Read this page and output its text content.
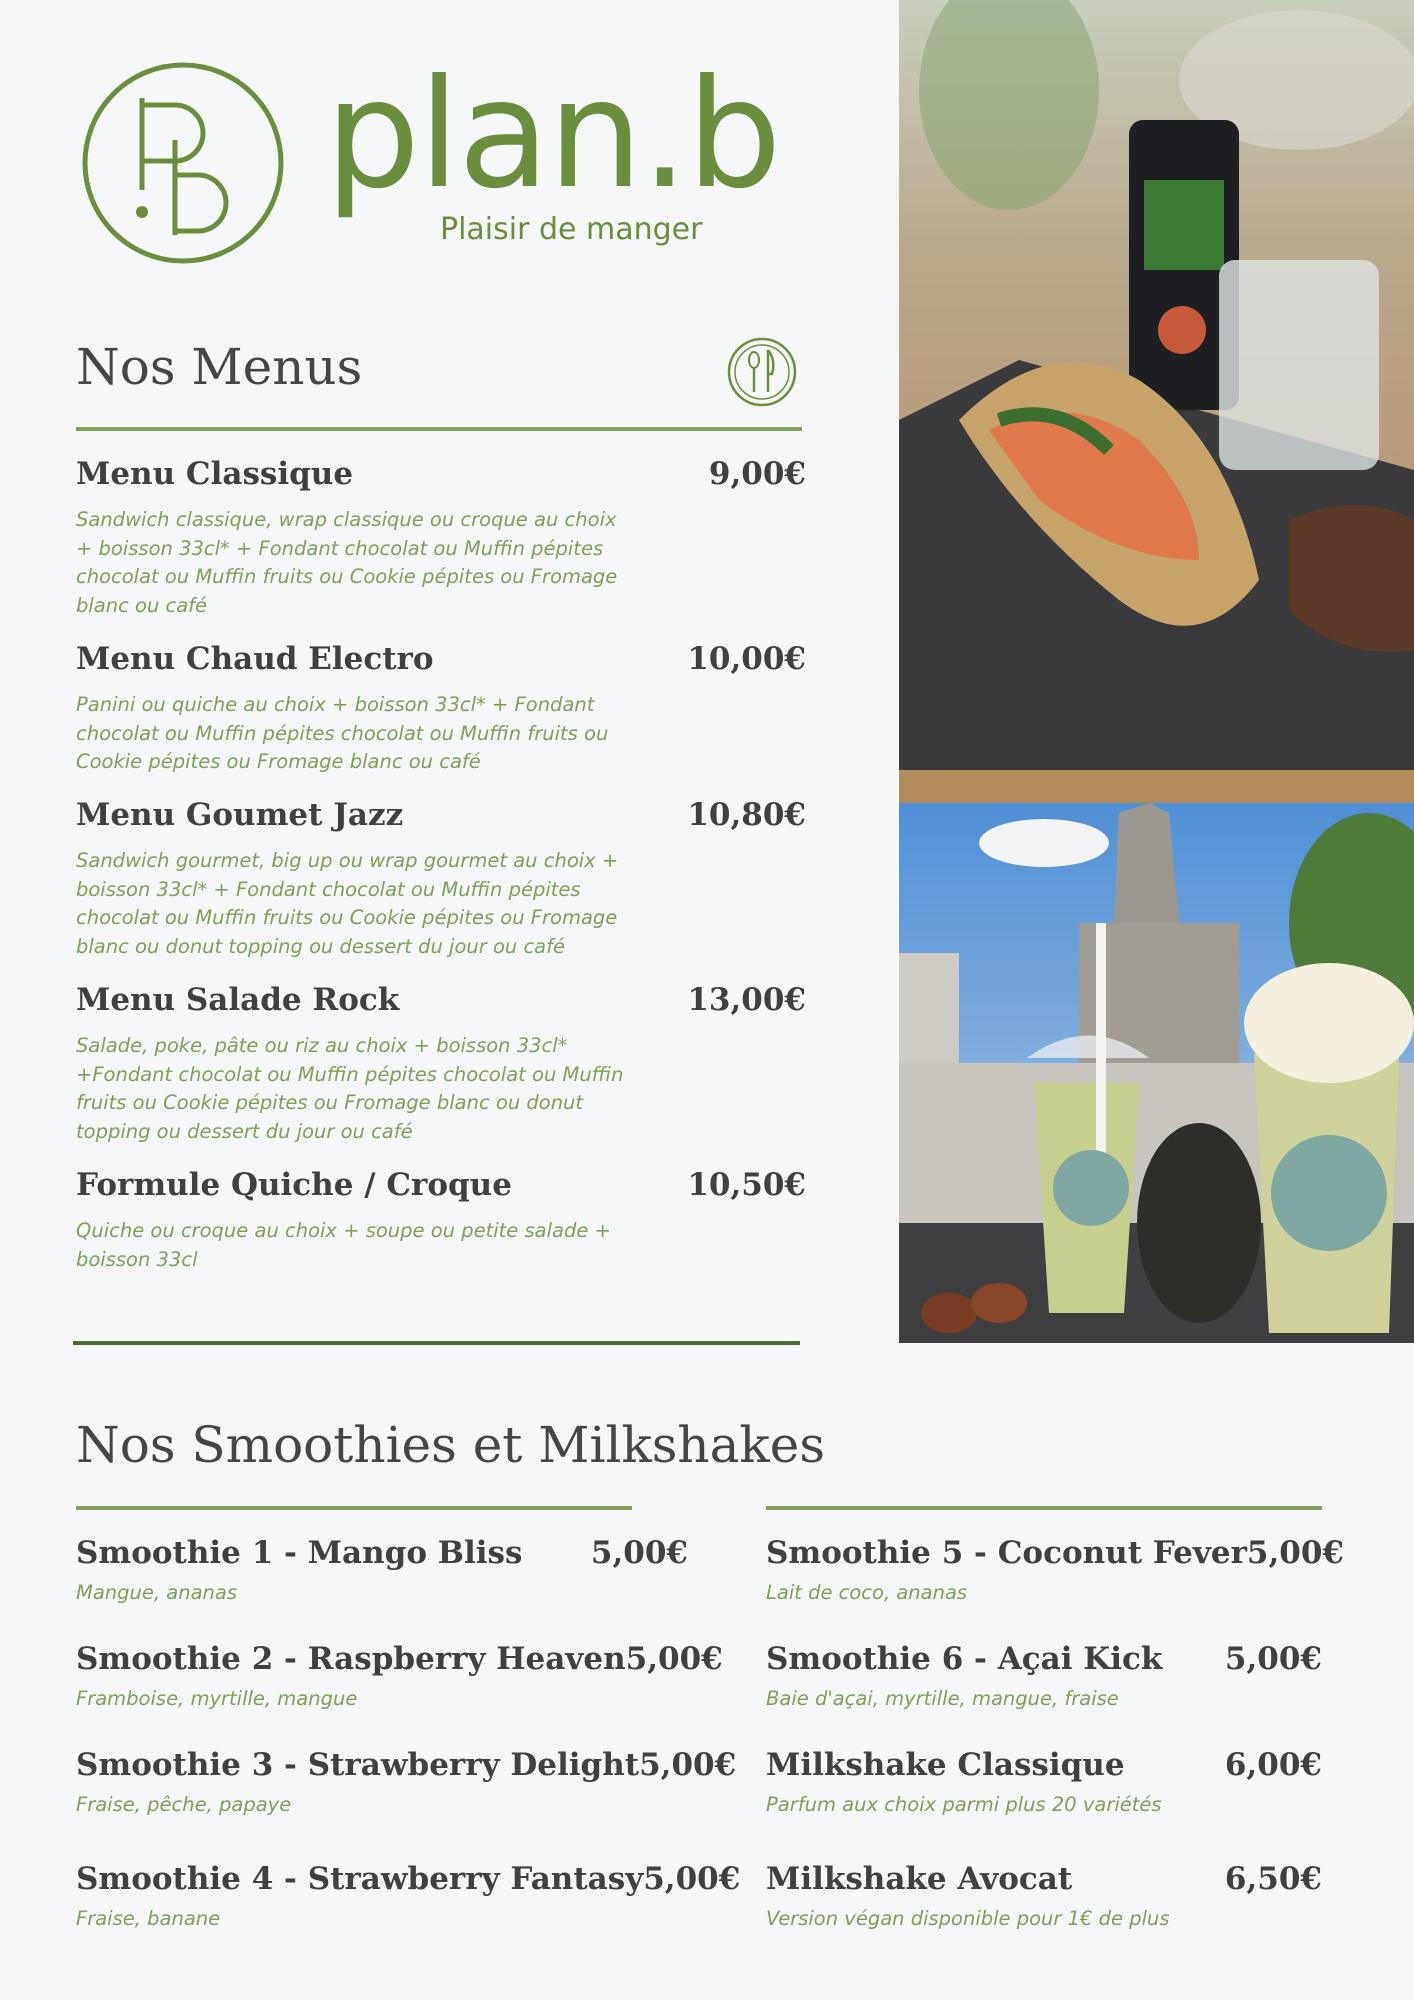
plan.b
Plaisir de manger
Nos Menus
Menu Classique	9,00€
Sandwich classique, wrap classique ou croque au choix + boisson 33cl* + Fondant chocolat ou Muffin pépites chocolat ou Muffin fruits ou Cookie pépites ou Fromage blanc ou café
Menu Chaud Electro	10,00€
Panini ou quiche au choix + boisson 33cl* + Fondant chocolat ou Muffin pépites chocolat ou Muffin fruits ou Cookie pépites ou Fromage blanc ou café
Menu Goumet Jazz	10,80€
Sandwich gourmet, big up ou wrap gourmet au choix + boisson 33cl* + Fondant chocolat ou Muffin pépites chocolat ou Muffin fruits ou Cookie pépites ou Fromage blanc ou donut topping ou dessert du jour ou café
Menu Salade Rock	13,00€
Salade, poke, pâte ou riz au choix + boisson 33cl* +Fondant chocolat ou Muffin pépites chocolat ou Muffin fruits ou Cookie pépites ou Fromage blanc ou donut topping ou dessert du jour ou café
Formule Quiche / Croque	10,50€
Quiche ou croque au choix + soupe ou petite salade + boisson 33cl
Nos Smoothies et Milkshakes
Smoothie 1 - Mango Bliss 5,00€
Mangue, ananas
Smoothie 2 - Raspberry Heaven 5,00€
Framboise, myrtille, mangue
Smoothie 3 - Strawberry Delight 5,00€
Fraise, pêche, papaye
Smoothie 4 - Strawberry Fantasy 5,00€
Fraise, banane
Smoothie 5 - Coconut Fever 5,00€
Lait de coco, ananas
Smoothie 6 - Açai Kick 5,00€
Baie d'açai, myrtille, mangue, fraise
Milkshake Classique	6,00€
Parfum aux choix parmi plus 20 variétés
Milkshake Avocat	6,50€
Version végan disponible pour 1€ de plus
